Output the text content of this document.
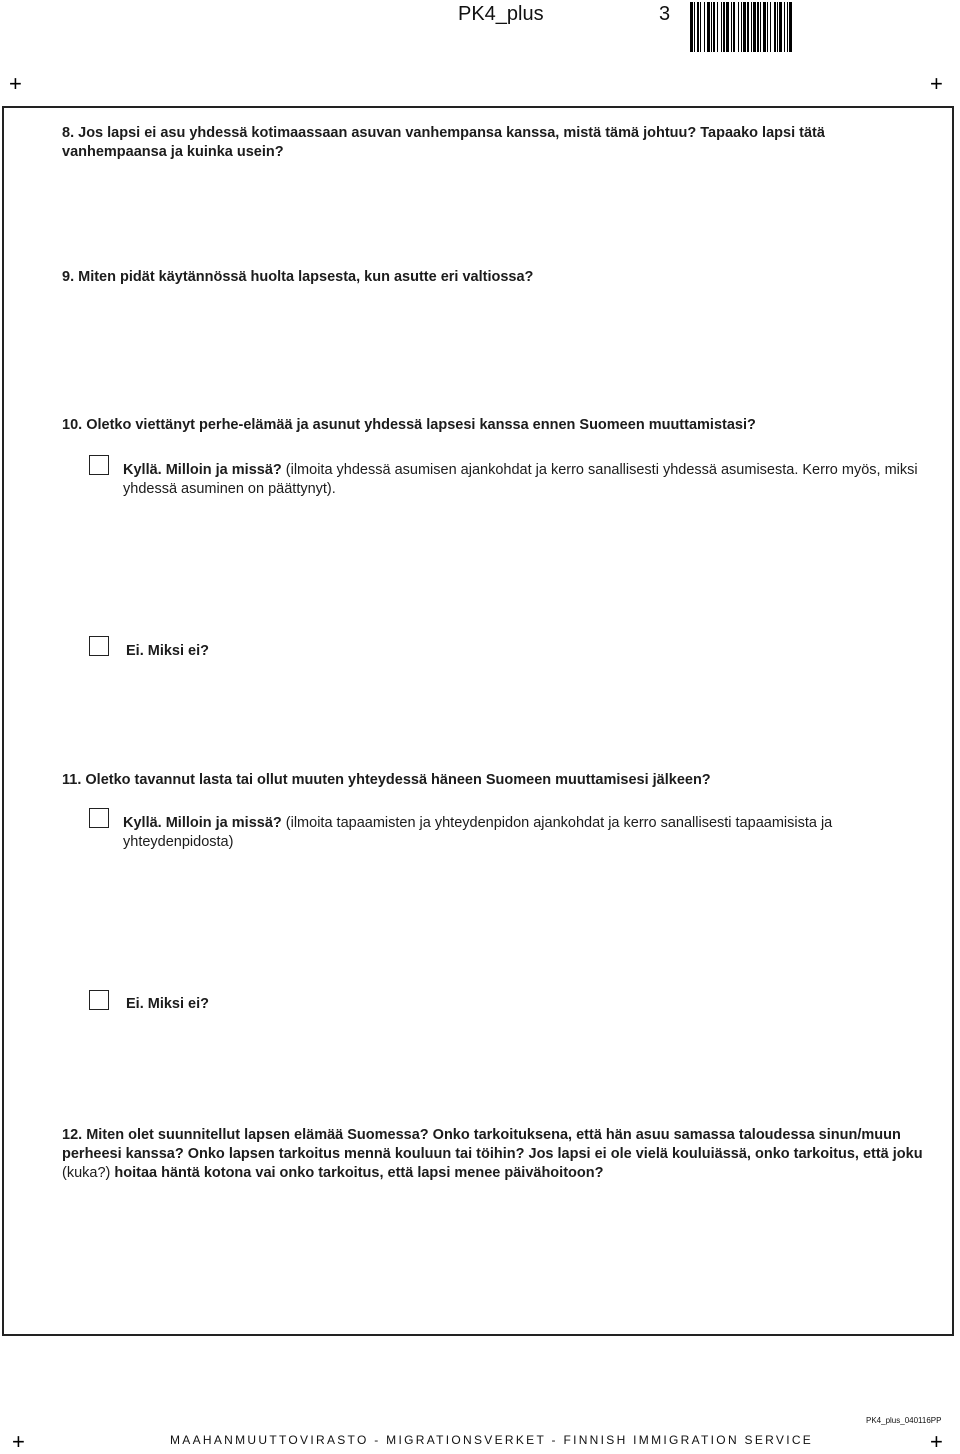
PK4_plus	3
+	+
+	+
8. Jos lapsi ei asu yhdessä kotimaassaan asuvan vanhempansa kanssa, mistä tämä johtuu? Tapaako lapsi tätä vanhempaansa ja kuinka usein?
9. Miten pidät käytännössä huolta lapsesta, kun asutte eri valtiossa?
10. Oletko viettänyt perhe-elämää ja asunut yhdessä lapsesi kanssa ennen Suomeen muuttamistasi?
Kyllä. Milloin ja missä? (ilmoita yhdessä asumisen ajankohdat ja kerro sanallisesti yhdessä asumisesta. Kerro myös, miksi yhdessä asuminen on päättynyt).
Ei. Miksi ei?
11. Oletko tavannut lasta tai ollut muuten yhteydessä häneen Suomeen muuttamisesi jälkeen?
Kyllä. Milloin ja missä? (ilmoita tapaamisten ja yhteydenpidon ajankohdat ja kerro sanallisesti tapaamisista ja yhteydenpidosta)
Ei. Miksi ei?
12. Miten olet suunnitellut lapsen elämää Suomessa? Onko tarkoituksena, että hän asuu samassa taloudessa sinun/muun perheesi kanssa? Onko lapsen tarkoitus mennä kouluun tai töihin? Jos lapsi ei ole vielä kouluiässä, onko tarkoitus, että joku (kuka?) hoitaa häntä kotona vai onko tarkoitus, että lapsi menee päivähoitoon?
PK4_plus_040116PP
MAAHANMUUTTOVIRASTO - MIGRATIONSVERKET - FINNISH IMMIGRATION SERVICE
